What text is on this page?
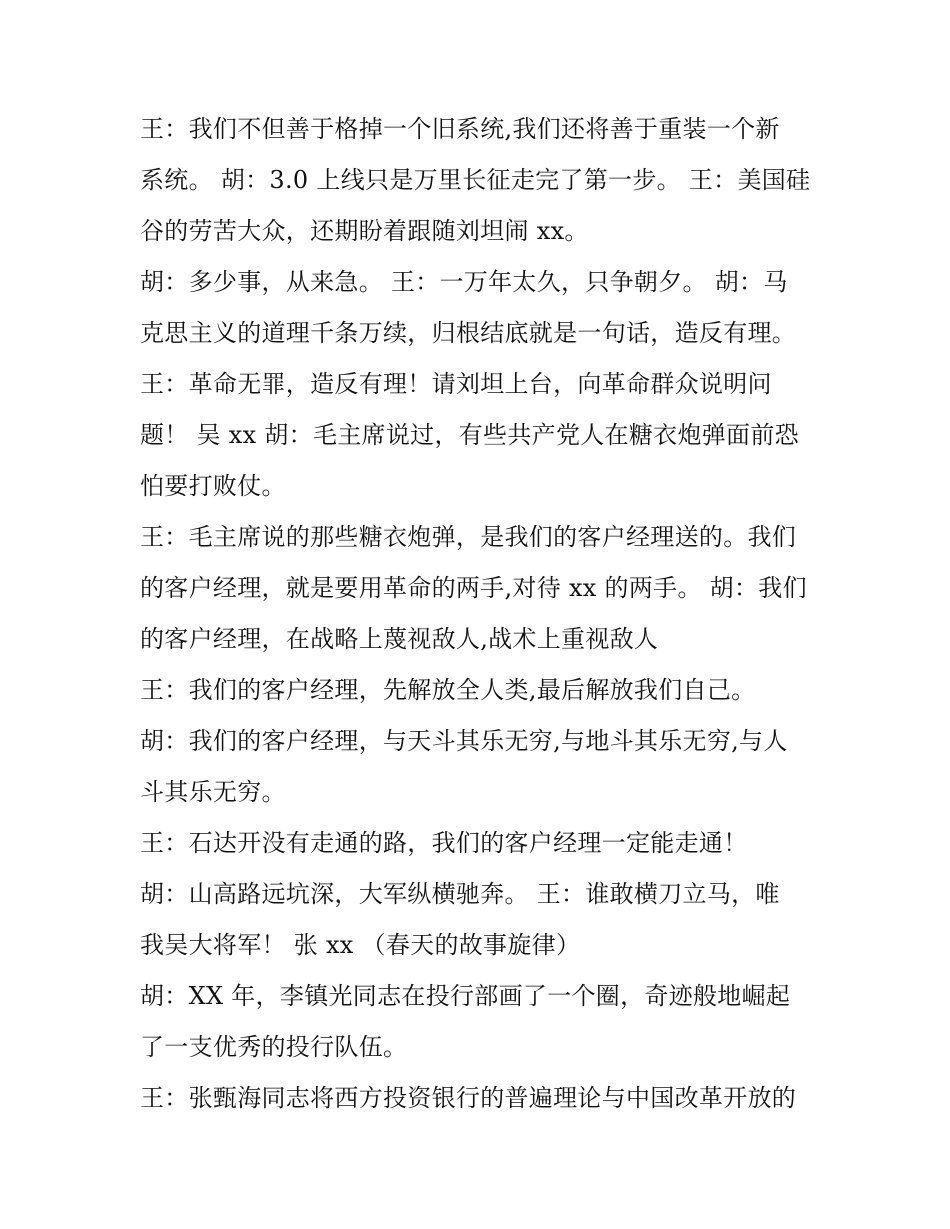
王：我们不但善于格掉一个旧系统,我们还将善于重装一个新
系统。 胡：3.0 上线只是万里长征走完了第一步。 王：美国硅
谷的劳苦大众，还期盼着跟随刘坦闹 xx。
胡：多少事，从来急。 王：一万年太久，只争朝夕。 胡：马
克思主义的道理千条万续，归根结底就是一句话，造反有理。
王：革命无罪，造反有理！请刘坦上台，向革命群众说明问
题！ 吴 xx 胡：毛主席说过，有些共产党人在糖衣炮弹面前恐
怕要打败仗。
王：毛主席说的那些糖衣炮弹，是我们的客户经理送的。我们
的客户经理，就是要用革命的两手,对待 xx 的两手。 胡：我们
的客户经理，在战略上蔑视敌人,战术上重视敌人
王：我们的客户经理，先解放全人类,最后解放我们自己。
胡：我们的客户经理，与天斗其乐无穷,与地斗其乐无穷,与人
斗其乐无穷。
王：石达开没有走通的路，我们的客户经理一定能走通！
胡：山高路远坑深，大军纵横驰奔。 王：谁敢横刀立马，唯
我吴大将军！ 张 xx （春天的故事旋律）
胡：XX 年，李镇光同志在投行部画了一个圈，奇迹般地崛起
了一支优秀的投行队伍。
王：张甄海同志将西方投资银行的普遍理论与中国改革开放的
